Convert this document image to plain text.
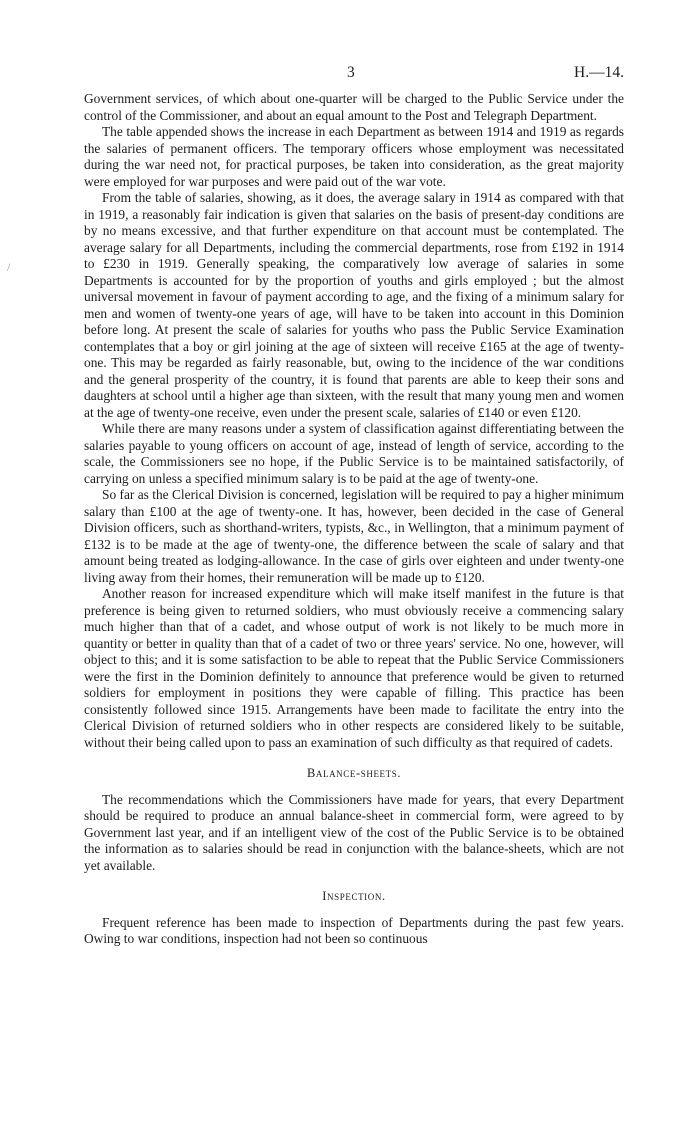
3	H.—14.
/

Government services, of which about one-quarter will be charged to the Public Service under the control of the Commissioner, and about an equal amount to the Post and Telegraph Department.

The table appended shows the increase in each Department as between 1914 and 1919 as regards the salaries of permanent officers. The temporary officers whose employment was necessitated during the war need not, for practical purposes, be taken into consideration, as the great majority were employed for war purposes and were paid out of the war vote.

From the table of salaries, showing, as it does, the average salary in 1914 as compared with that in 1919, a reasonably fair indication is given that salaries on the basis of present-day conditions are by no means excessive, and that further expenditure on that account must be contemplated. The average salary for all Departments, including the commercial departments, rose from £192 in 1914 to £230 in 1919. Generally speaking, the comparatively low average of salaries in some Departments is accounted for by the proportion of youths and girls employed ; but the almost universal movement in favour of payment according to age, and the fixing of a minimum salary for men and women of twenty-one years of age, will have to be taken into account in this Dominion before long. At present the scale of salaries for youths who pass the Public Service Examination contemplates that a boy or girl joining at the age of sixteen will receive £165 at the age of twenty-one. This may be regarded as fairly reasonable, but, owing to the incidence of the war conditions and the general prosperity of the country, it is found that parents are able to keep their sons and daughters at school until a higher age than sixteen, with the result that many young men and women at the age of twenty-one receive, even under the present scale, salaries of £140 or even £120.

While there are many reasons under a system of classification against differentiating between the salaries payable to young officers on account of age, instead of length of service, according to the scale, the Commissioners see no hope, if the Public Service is to be maintained satisfactorily, of carrying on unless a specified minimum salary is to be paid at the age of twenty-one.

So far as the Clerical Division is concerned, legislation will be required to pay a higher minimum salary than £100 at the age of twenty-one. It has, however, been decided in the case of General Division officers, such as shorthand-writers, typists, &c., in Wellington, that a minimum payment of £132 is to be made at the age of twenty-one, the difference between the scale of salary and that amount being treated as lodging-allowance. In the case of girls over eighteen and under twenty-one living away from their homes, their remuneration will be made up to £120.

Another reason for increased expenditure which will make itself manifest in the future is that preference is being given to returned soldiers, who must obviously receive a commencing salary much higher than that of a cadet, and whose output of work is not likely to be much more in quantity or better in quality than that of a cadet of two or three years' service. No one, however, will object to this; and it is some satisfaction to be able to repeat that the Public Service Commissioners were the first in the Dominion definitely to announce that preference would be given to returned soldiers for employment in positions they were capable of filling. This practice has been consistently followed since 1915. Arrangements have been made to facilitate the entry into the Clerical Division of returned soldiers who in other respects are considered likely to be suitable, without their being called upon to pass an examination of such difficulty as that required of cadets.

Balance-sheets.

The recommendations which the Commissioners have made for years, that every Department should be required to produce an annual balance-sheet in commercial form, were agreed to by Government last year, and if an intelligent view of the cost of the Public Service is to be obtained the information as to salaries should be read in conjunction with the balance-sheets, which are not yet available.

Inspection.

Frequent reference has been made to inspection of Departments during the past few years. Owing to war conditions, inspection had not been so continuous
